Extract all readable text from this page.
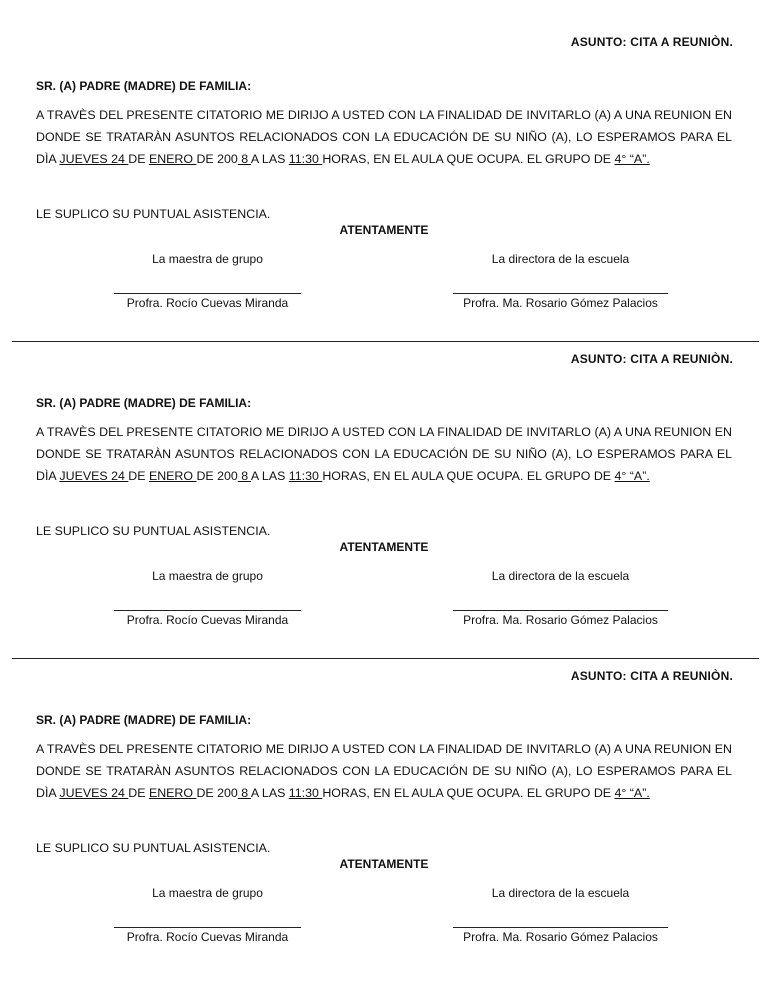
ASUNTO: CITA A REUNIÒN.
SR. (A) PADRE (MADRE) DE FAMILIA:

A TRAVÈS DEL PRESENTE CITATORIO ME DIRIJO A USTED CON LA FINALIDAD DE INVITARLO (A) A UNA REUNION EN DONDE SE TRATARÀN ASUNTOS RELACIONADOS CON LA EDUCACIÓN DE SU NIÑO (A), LO ESPERAMOS PARA EL DÌA JUEVES 24 DE ENERO DE 200 8 A LAS 11:30 HORAS, EN EL AULA QUE OCUPA. EL GRUPO DE 4° “A”.

LE SUPLICO SU PUNTUAL ASISTENCIA.
ATENTAMENTE
La maestra de grupo	La directora de la escuela
Profra. Rocío Cuevas Miranda	Profra. Ma. Rosario Gómez Palacios
ASUNTO: CITA A REUNIÒN.
SR. (A) PADRE (MADRE) DE FAMILIA:

A TRAVÈS DEL PRESENTE CITATORIO ME DIRIJO A USTED CON LA FINALIDAD DE INVITARLO (A) A UNA REUNION EN DONDE SE TRATARÀN ASUNTOS RELACIONADOS CON LA EDUCACIÓN DE SU NIÑO (A), LO ESPERAMOS PARA EL DÌA JUEVES 24 DE ENERO DE 200 8 A LAS 11:30 HORAS, EN EL AULA QUE OCUPA. EL GRUPO DE 4° “A”.

LE SUPLICO SU PUNTUAL ASISTENCIA.
ATENTAMENTE
La maestra de grupo	La directora de la escuela
Profra. Rocío Cuevas Miranda	Profra. Ma. Rosario Gómez Palacios
ASUNTO: CITA A REUNIÒN.
SR. (A) PADRE (MADRE) DE FAMILIA:

A TRAVÈS DEL PRESENTE CITATORIO ME DIRIJO A USTED CON LA FINALIDAD DE INVITARLO (A) A UNA REUNION EN DONDE SE TRATARÀN ASUNTOS RELACIONADOS CON LA EDUCACIÓN DE SU NIÑO (A), LO ESPERAMOS PARA EL DÌA JUEVES 24 DE ENERO DE 200 8 A LAS 11:30 HORAS, EN EL AULA QUE OCUPA. EL GRUPO DE 4° “A”.

LE SUPLICO SU PUNTUAL ASISTENCIA.
ATENTAMENTE
La maestra de grupo	La directora de la escuela
Profra. Rocío Cuevas Miranda	Profra. Ma. Rosario Gómez Palacios
